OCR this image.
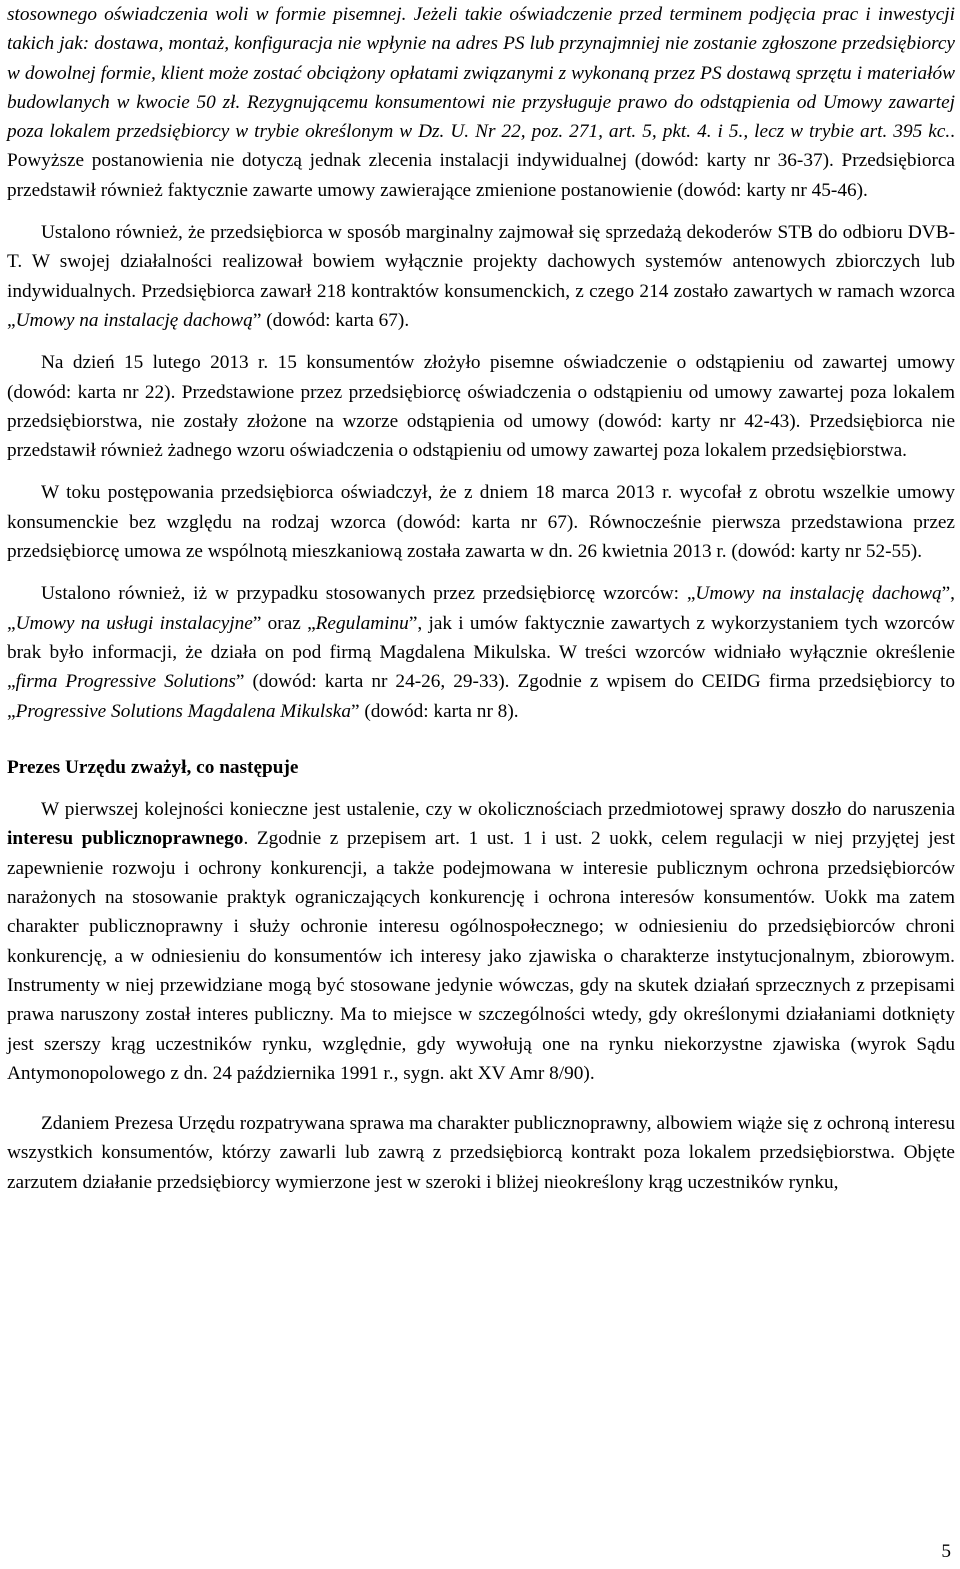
stosownego oświadczenia woli w formie pisemnej. Jeżeli takie oświadczenie przed terminem podjęcia prac i inwestycji takich jak: dostawa, montaż, konfiguracja nie wpłynie na adres PS lub przynajmniej nie zostanie zgłoszone przedsiębiorcy w dowolnej formie, klient może zostać obciążony opłatami związanymi z wykonaną przez PS dostawą sprzętu i materiałów budowlanych w kwocie 50 zł. Rezygnującemu konsumentowi nie przysługuje prawo do odstąpienia od Umowy zawartej poza lokalem przedsiębiorcy w trybie określonym w Dz. U. Nr 22, poz. 271, art. 5, pkt. 4. i 5., lecz w trybie art. 395 kc.. Powyższe postanowienia nie dotyczą jednak zlecenia instalacji indywidualnej (dowód: karty nr 36-37). Przedsiębiorca przedstawił również faktycznie zawarte umowy zawierające zmienione postanowienie (dowód: karty nr 45-46).

Ustalono również, że przedsiębiorca w sposób marginalny zajmował się sprzedażą dekoderów STB do odbioru DVB-T. W swojej działalności realizował bowiem wyłącznie projekty dachowych systemów antenowych zbiorczych lub indywidualnych. Przedsiębiorca zawarł 218 kontraktów konsumenckich, z czego 214 zostało zawartych w ramach wzorca „Umowy na instalację dachową” (dowód: karta 67).

Na dzień 15 lutego 2013 r. 15 konsumentów złożyło pisemne oświadczenie o odstąpieniu od zawartej umowy (dowód: karta nr 22). Przedstawione przez przedsiębiorcę oświadczenia o odstąpieniu od umowy zawartej poza lokalem przedsiębiorstwa, nie zostały złożone na wzorze odstąpienia od umowy (dowód: karty nr 42-43). Przedsiębiorca nie przedstawił również żadnego wzoru oświadczenia o odstąpieniu od umowy zawartej poza lokalem przedsiębiorstwa.

W toku postępowania przedsiębiorca oświadczył, że z dniem 18 marca 2013 r. wycofał z obrotu wszelkie umowy konsumenckie bez względu na rodzaj wzorca (dowód: karta nr 67). Równocześnie pierwsza przedstawiona przez przedsiębiorcę umowa ze wspólnotą mieszkaniową została zawarta w dn. 26 kwietnia 2013 r. (dowód: karty nr 52-55).

Ustalono również, iż w przypadku stosowanych przez przedsiębiorcę wzorców: „Umowy na instalację dachową”, „Umowy na usługi instalacyjne” oraz „Regulaminu”, jak i umów faktycznie zawartych z wykorzystaniem tych wzorców brak było informacji, że działa on pod firmą Magdalena Mikulska. W treści wzorców widniało wyłącznie określenie „firma Progressive Solutions” (dowód: karta nr 24-26, 29-33). Zgodnie z wpisem do CEIDG firma przedsiębiorcy to „Progressive Solutions Magdalena Mikulska” (dowód: karta nr 8).

Prezes Urzędu zważył, co następuje

W pierwszej kolejności konieczne jest ustalenie, czy w okolicznościach przedmiotowej sprawy doszło do naruszenia interesu publicznoprawnego. Zgodnie z przepisem art. 1 ust. 1 i ust. 2 uokk, celem regulacji w niej przyjętej jest zapewnienie rozwoju i ochrony konkurencji, a także podejmowana w interesie publicznym ochrona przedsiębiorców narażonych na stosowanie praktyk ograniczających konkurencję i ochrona interesów konsumentów. Uokk ma zatem charakter publicznoprawny i służy ochronie interesu ogólnospołecznego; w odniesieniu do przedsiębiorców chroni konkurencję, a w odniesieniu do konsumentów ich interesy jako zjawiska o charakterze instytucjonalnym, zbiorowym. Instrumenty w niej przewidziane mogą być stosowane jedynie wówczas, gdy na skutek działań sprzecznych z przepisami prawa naruszony został interes publiczny. Ma to miejsce w szczególności wtedy, gdy określonymi działaniami dotknięty jest szerszy krąg uczestników rynku, względnie, gdy wywołują one na rynku niekorzystne zjawiska (wyrok Sądu Antymonopolowego z dn. 24 października 1991 r., sygn. akt XV Amr 8/90).

Zdaniem Prezesa Urzędu rozpatrywana sprawa ma charakter publicznoprawny, albowiem wiąże się z ochroną interesu wszystkich konsumentów, którzy zawarli lub zawrą z przedsiębiorcą kontrakt poza lokalem przedsiębiorstwa. Objęte zarzutem działanie przedsiębiorcy wymierzone jest w szeroki i bliżej nieokreślony krąg uczestników rynku,

5
